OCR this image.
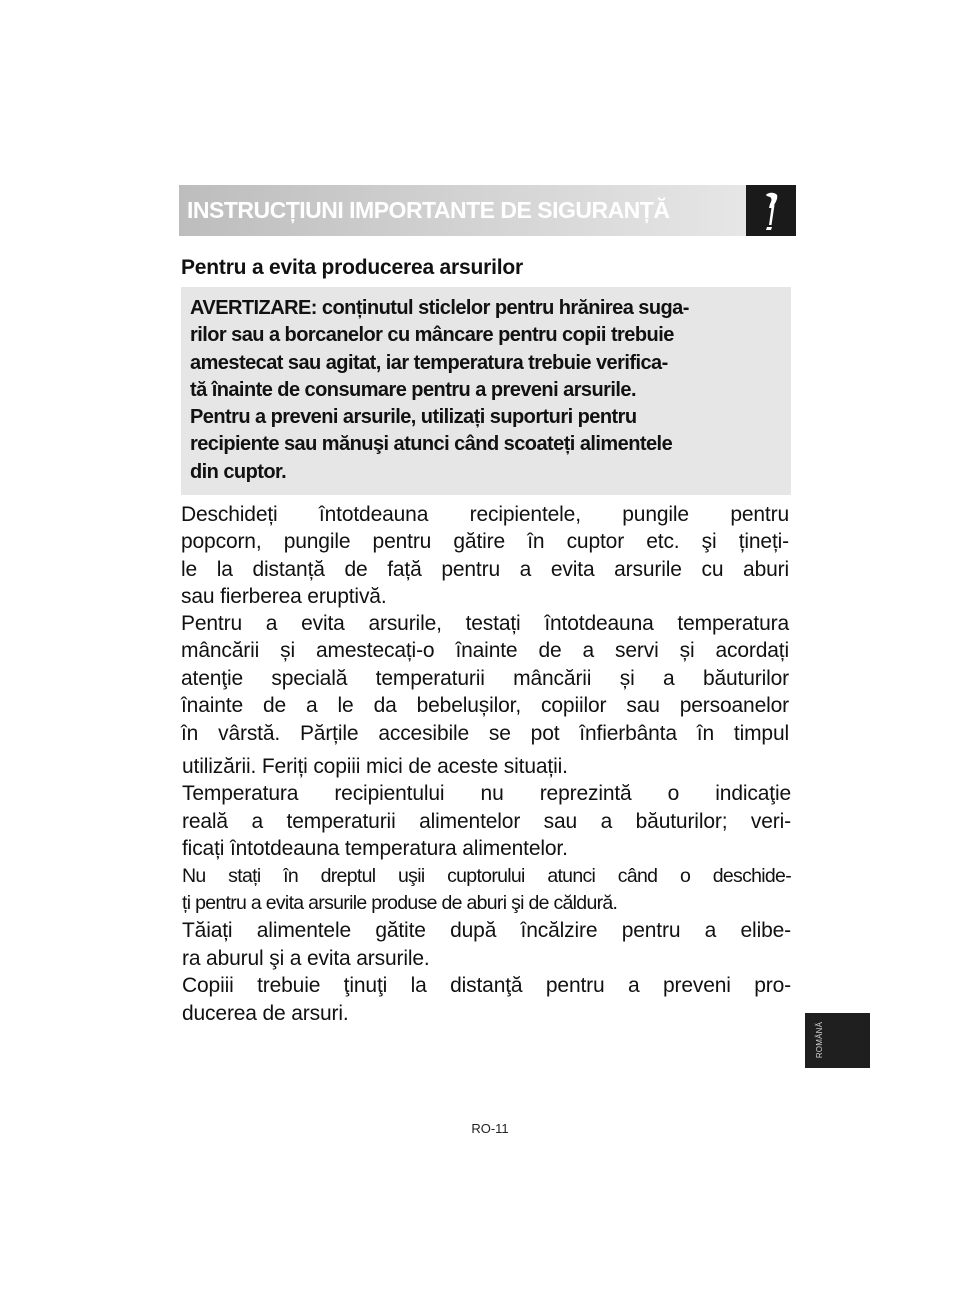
INSTRUCȚIUNI IMPORTANTE DE SIGURANȚĂ
Pentru a evita producerea arsurilor
AVERTIZARE: conținutul sticlelor pentru hrănirea suga-
rilor sau a borcanelor cu mâncare pentru copii trebuie
amestecat sau agitat, iar temperatura trebuie verifica-
tă înainte de consumare pentru a preveni arsurile.
Pentru a preveni arsurile, utilizați suporturi pentru
recipiente sau mănuşi atunci când scoateți alimentele
din cuptor.
Deschideți întotdeauna recipientele, pungile pentru
popcorn, pungile pentru gătire în cuptor etc. şi țineți-
le la distanță de față pentru a evita arsurile cu aburi
sau fierberea eruptivă.
Pentru a evita arsurile, testați întotdeauna temperatura
mâncării și amestecați-o înainte de a servi și acordați
atenţie specială temperaturii mâncării și a băuturilor
înainte de a le da bebelușilor, copiilor sau persoanelor
în vârstă. Părțile accesibile se pot înfierbânta în timpul
utilizării. Feriți copiii mici de aceste situații.
Temperatura recipientului nu reprezintă o indicaţie
reală a temperaturii alimentelor sau a băuturilor; veri-
ficați întotdeauna temperatura alimentelor.
Nu stați în dreptul uşii cuptorului atunci când o deschide-
ți pentru a evita arsurile produse de aburi şi de căldură.
Tăiați alimentele gătite după încălzire pentru a elibe-
ra aburul şi a evita arsurile.
Copiii trebuie ţinuţi la distanţă pentru a preveni pro-
ducerea de arsuri.
ROMÂNĂ
RO-11
